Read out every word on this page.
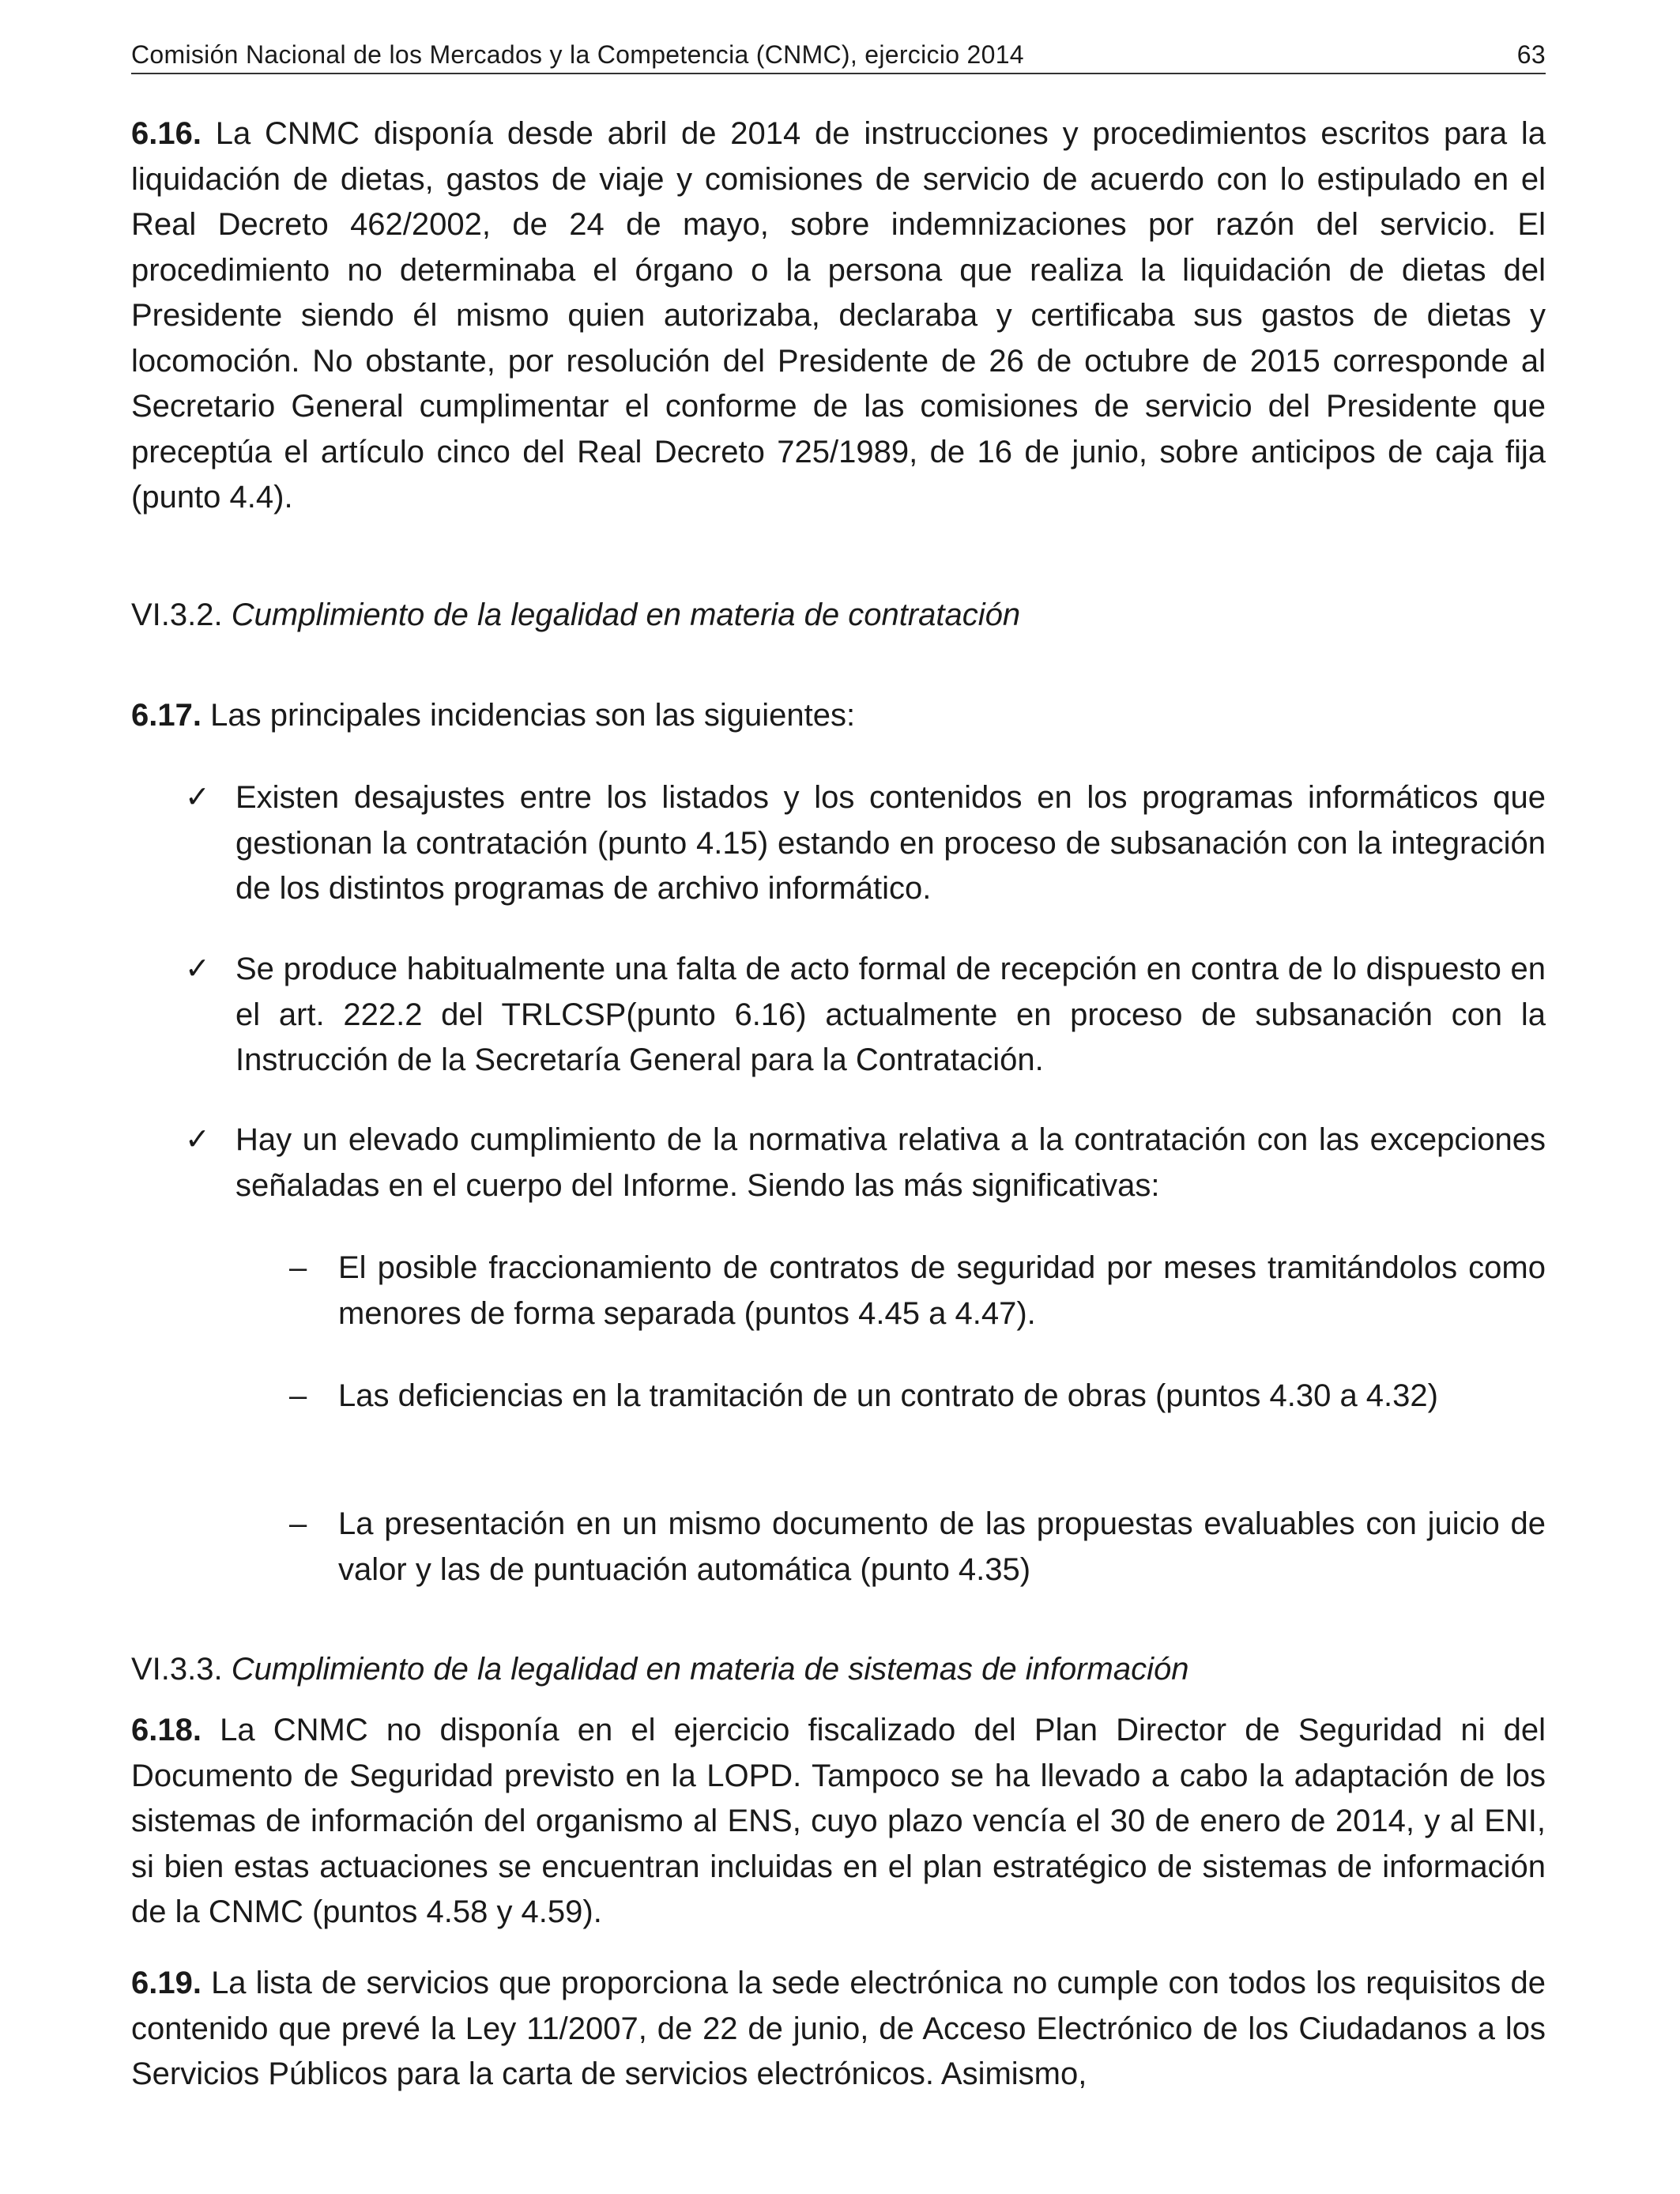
Comisión Nacional de los Mercados y la Competencia (CNMC), ejercicio 2014	63
6.16. La CNMC disponía desde abril de 2014 de instrucciones y procedimientos escritos para la liquidación de dietas, gastos de viaje y comisiones de servicio de acuerdo con lo estipulado en el Real Decreto 462/2002, de 24 de mayo, sobre indemnizaciones por razón del servicio. El procedimiento no determinaba el órgano o la persona que realiza la liquidación de dietas del Presidente siendo él mismo quien autorizaba, declaraba y certificaba sus gastos de dietas y locomoción. No obstante, por resolución del Presidente de 26 de octubre de 2015 corresponde al Secretario General cumplimentar el conforme de las comisiones de servicio del Presidente que preceptúa el artículo cinco del Real Decreto 725/1989, de 16 de junio, sobre anticipos de caja fija (punto 4.4).
VI.3.2. Cumplimiento de la legalidad en materia de contratación
6.17. Las principales incidencias son las siguientes:
✓ Existen desajustes entre los listados y los contenidos en los programas informáticos que gestionan la contratación (punto 4.15) estando en proceso de subsanación con la integración de los distintos programas de archivo informático.
✓ Se produce habitualmente una falta de acto formal de recepción en contra de lo dispuesto en el art. 222.2 del TRLCSP(punto 6.16) actualmente en proceso de subsanación con la Instrucción de la Secretaría General para la Contratación.
✓ Hay un elevado cumplimiento de la normativa relativa a la contratación con las excepciones señaladas en el cuerpo del Informe. Siendo las más significativas:
– El posible fraccionamiento de contratos de seguridad por meses tramitándolos como menores de forma separada (puntos 4.45 a 4.47).
– Las deficiencias en la tramitación de un contrato de obras (puntos 4.30 a 4.32)
– La presentación en un mismo documento de las propuestas evaluables con juicio de valor y las de puntuación automática (punto 4.35)
VI.3.3. Cumplimiento de la legalidad en materia de sistemas de información
6.18. La CNMC no disponía en el ejercicio fiscalizado del Plan Director de Seguridad ni del Documento de Seguridad previsto en la LOPD. Tampoco se ha llevado a cabo la adaptación de los sistemas de información del organismo al ENS, cuyo plazo vencía el 30 de enero de 2014, y al ENI, si bien estas actuaciones se encuentran incluidas en el plan estratégico de sistemas de información de la CNMC (puntos 4.58 y 4.59).
6.19. La lista de servicios que proporciona la sede electrónica no cumple con todos los requisitos de contenido que prevé la Ley 11/2007, de 22 de junio, de Acceso Electrónico de los Ciudadanos a los Servicios Públicos para la carta de servicios electrónicos. Asimismo,
